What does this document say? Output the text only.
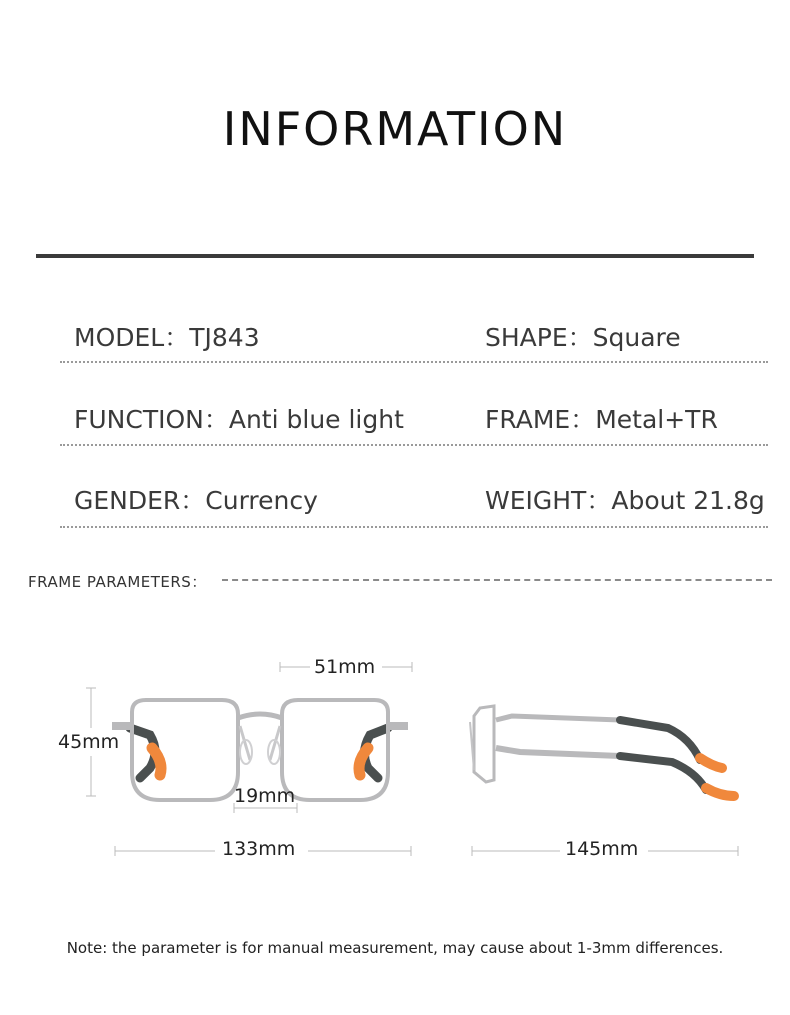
INFORMATION
MODEL：TJ843	SHAPE：Square
FUNCTION：Anti blue light	FRAME：Metal+TR
GENDER：Currency	WEIGHT：About 21.8g
FRAME PARAMETERS：
51mm
45mm
19mm
133mm	145mm
Note: the parameter is for manual measurement, may cause about 1-3mm differences.
